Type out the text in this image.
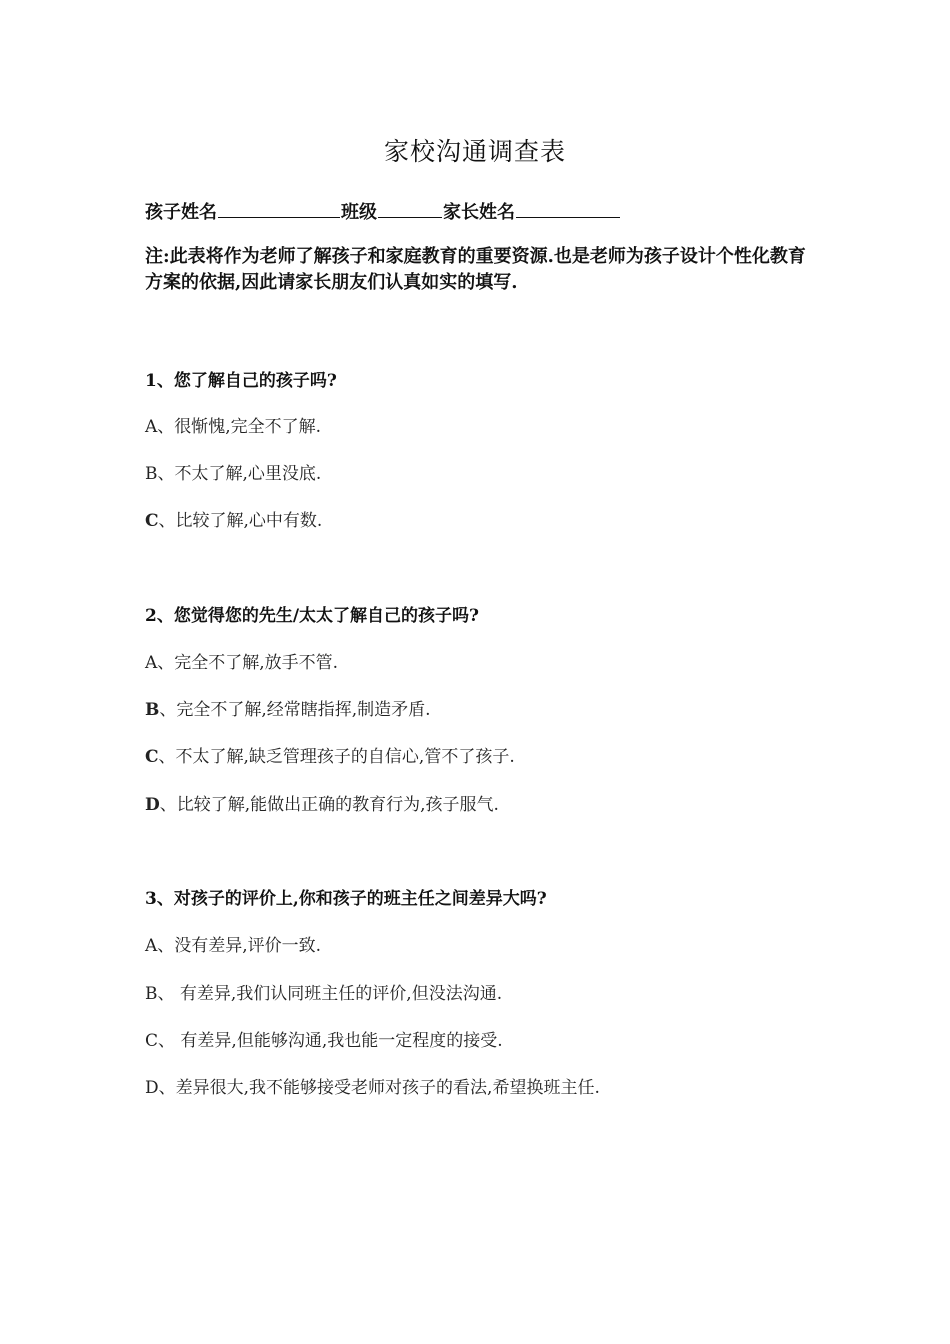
家校沟通调查表
孩子姓名	班级	家长姓名
注:此表将作为老师了解孩子和家庭教育的重要资源.也是老师为孩子设计个性化教育方案的依据,因此请家长朋友们认真如实的填写.
1、您了解自己的孩子吗?
A、很惭愧,完全不了解.
B、不太了解,心里没底.
C、比较了解,心中有数.
2、您觉得您的先生/太太了解自己的孩子吗?
A、完全不了解,放手不管.
B、完全不了解,经常瞎指挥,制造矛盾.
C、不太了解,缺乏管理孩子的自信心,管不了孩子.
D、比较了解,能做出正确的教育行为,孩子服气.
3、对孩子的评价上,你和孩子的班主任之间差异大吗?
A、没有差异,评价一致.
B、 有差异,我们认同班主任的评价,但没法沟通.
C、 有差异,但能够沟通,我也能一定程度的接受.
D、差异很大,我不能够接受老师对孩子的看法,希望换班主任.
